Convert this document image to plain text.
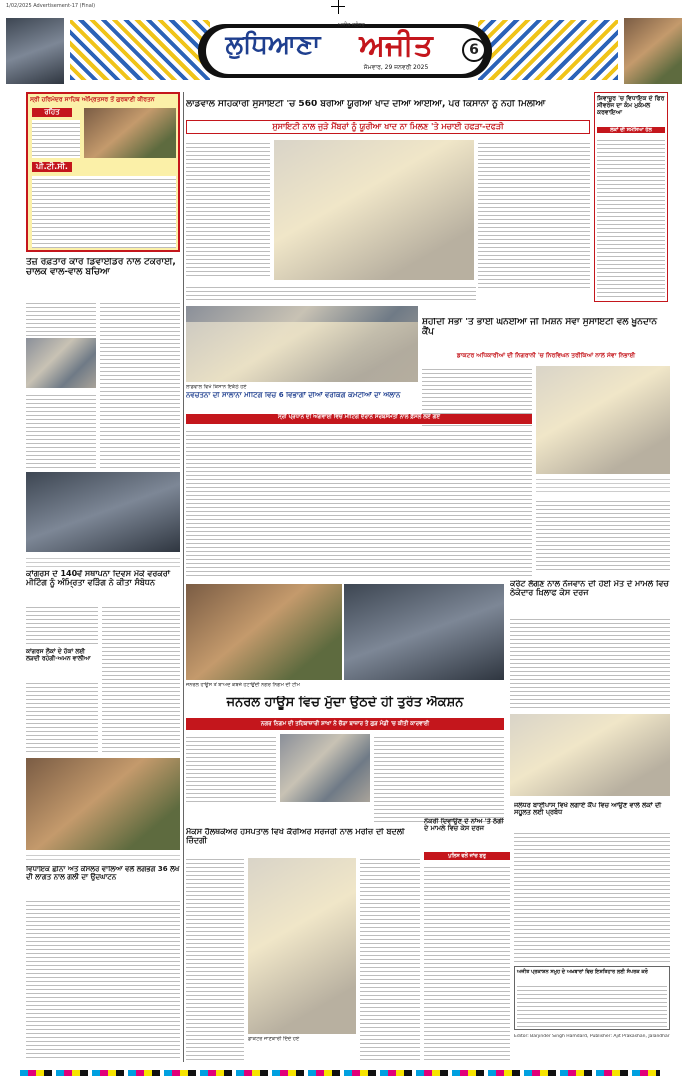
1/02/2025 Advertisement-17 (Final)
ਲੁਧਿਆਣਾ	ਅਜੀਤ
ਅਜੀਤ ਜਲੰਧਰ
ਸੋਮਵਾਰ, 29 ਜਨਵਰੀ 2025
6
ਸ੍ਰੀ ਹਰਿਮੰਦਰ ਸਾਹਿਬ ਅੰਮ੍ਰਿਤਸਰ ਤੋਂ ਗੁਰਬਾਣੀ ਕੀਰਤਨ
ਰਹਿਤ
ਪੀ.ਟੀ.ਸੀ.
ਤੇਜ਼ ਰਫ਼ਤਾਰ ਕਾਰ ਡਿਵਾਈਡਰ ਨਾਲ ਟਕਰਾਈ, ਚਾਲਕ ਵਾਲ-ਵਾਲ ਬਚਿਆ
ਕਾਂਗਰਸ ਦੇ 140ਵੇਂ ਸਥਾਪਨਾ ਦਿਵਸ ਮੌਕੇ ਵਰਕਰਾਂ ਮੀਟਿੰਗ ਨੂੰ ਅੰਮ੍ਰਿਤਾ ਵੜਿੰਗ ਨੇ ਕੀਤਾ ਸੰਬੋਧਨ
ਕਾਂਗਰਸ ਲੋਕਾਂ ਦੇ ਹੱਕਾਂ ਲਈ ਲੜਦੀ ਰਹੇਗੀ-ਅਮਨ ਵਾਲੀਆ
ਵਿਧਾਇਕ ਛੀਨਾ ਅਤੇ ਕੌਂਸਲਰ ਵਾਲਿਆ ਵਲੋਂ ਲਗਭਗ 36 ਲੱਖ ਦੀ ਲਾਗਤ ਨਾਲ ਗਲੀ ਦਾ ਉਦਘਾਟਨ
ਲਾਡੋਵਾਲ ਸਹਿਕਾਰੀ ਸੁਸਾਇਟੀ 'ਚ 560 ਬੋਰੀਆਂ ਯੂਰੀਆ ਖਾਦ ਦੀਆਂ ਆਈਆਂ, ਪਰ ਕਿਸਾਨਾਂ ਨੂੰ ਨਹੀਂ ਮਿਲੀਆਂ
ਸੁਸਾਇਟੀ ਨਾਲ ਜੁੜੇ ਮੈਂਬਰਾਂ ਨੂੰ ਯੂਰੀਆ ਖਾਦ ਨਾ ਮਿਲਣ 'ਤੇ ਮਚਾਈ ਹਫੜਾ-ਦਫੜੀ
ਲਾਡੋਵਾਲ ਵਿਖੇ ਕਿਸਾਨ ਇਕੱਠੇ ਹੋਏ
ਸ਼ਿਵਾਜ਼ੂਰ 'ਚ ਵਿਧਾਇਕ ਦੇ ਫਿਰ ਸੀਵਰੇਜ ਦਾ ਕੰਮ ਮੁਕੰਮਲ ਕਰਵਾਇਆ
ਲੋਕਾਂ ਦੀ ਸਮੱਸਿਆ ਹੱਲ
ਸ਼ਹੀਦੀ ਸਭਾ 'ਤੇ ਭਾਈ ਘਨੱਈਆ ਜੀ ਮਿਸ਼ਨ ਸੇਵਾ ਸੁਸਾਇਟੀ ਵਲੋਂ ਖ਼ੂਨਦਾਨ ਕੈਂਪ
ਡਾਕਟਰ ਅਧਿਕਾਰੀਆਂ ਦੀ ਨਿਗਰਾਨੀ 'ਚ ਨਿਰਵਿਘਨ ਤਰੀਕਿਆਂ ਨਾਲ ਸੇਵਾ ਨਿਭਾਈ
ਨਵਚੇਤਨਾ ਦੀ ਸਾਲਾਨਾ ਮੀਟਿੰਗ ਵਿਚ 6 ਵਿਭਾਗਾਂ ਦੀਆਂ ਵਰਕਿੰਗ ਕਮੇਟੀਆਂ ਦਾ ਐਲਾਨ
ਸ੍ਰੀ ਪ੍ਰਧਾਨ ਦੀ ਅਗਵਾਈ ਵਿਚ ਮੀਟਿੰਗ ਦੌਰਾਨ ਸਰਬਸੰਮਤੀ ਨਾਲ ਫ਼ੈਸਲੇ ਲਏ ਗਏ
ਜਨਰਲ ਹਾਊਸ ਤੋਂ ਬਾਅਦ ਕਬਜ਼ੇ ਹਟਾਉਂਦੀ ਨਗਰ ਨਿਗਮ ਦੀ ਟੀਮ
ਕਰੰਟ ਲੱਗਣ ਨਾਲ ਨੌਜਵਾਨ ਦੀ ਹੋਈ ਮੌਤ ਦੇ ਮਾਮਲੇ ਵਿਚ ਠੇਕੇਦਾਰ ਖ਼ਿਲਾਫ ਕੇਸ ਦਰਜ
ਜਨਰਲ ਹਾਊਸ ਵਿਚ ਮੁੱਦਾ ਉਠਦੇ ਹੀ ਤੁਰੰਤ ਐਕਸ਼ਨ
ਨਗਰ ਨਿਗਮ ਦੀ ਤਹਿਬਾਜ਼ਾਰੀ ਸ਼ਾਖਾ ਨੇ ਚੌੜਾ ਬਾਜ਼ਾਰ ਤੇ ਗੁੜ ਮੰਡੀ 'ਚ ਕੀਤੀ ਕਾਰਵਾਈ
ਮੈਕਸ ਹੈਲਥਕੇਅਰ ਹਸਪਤਾਲ ਵਿਖੇ ਕੈਰੀਅਰ ਸਰਜਰੀ ਨਾਲ ਮਰੀਜ਼ ਦੀ ਬਦਲੀ ਜ਼ਿੰਦਗੀ
ਡਾਕਟਰ ਜਾਣਕਾਰੀ ਦਿੰਦੇ ਹੋਏ
ਨੌਕਰੀ ਦਿਵਾਉਣ ਦੇ ਨਾਂਅ 'ਤੇ ਠੱਗੀ ਦੇ ਮਾਮਲੇ ਵਿਚ ਕੇਸ ਦਰਜ
ਪੁਲਿਸ ਵਲੋਂ ਜਾਂਚ ਸ਼ੁਰੂ
ਜਲੰਧਰ ਬਾਈਪਾਸ ਵਿਖੇ ਲਗਾਏ ਕੈਂਪ ਵਿਚ ਆਉਣ ਵਾਲੇ ਲੋਕਾਂ ਦੀ ਸਹੂਲਤ ਲਈ ਪ੍ਰਬੰਧ
ਅਜੀਤ ਪ੍ਰਕਾਸ਼ਨ ਸਮੂਹ ਦੇ ਅਖ਼ਬਾਰਾਂ ਵਿਚ ਇਸ਼ਤਿਹਾਰ ਲਈ ਸੰਪਰਕ ਕਰੋ
Editor: Barjinder Singh Hamdard, Publisher: Ajit Prakashan, Jalandhar
